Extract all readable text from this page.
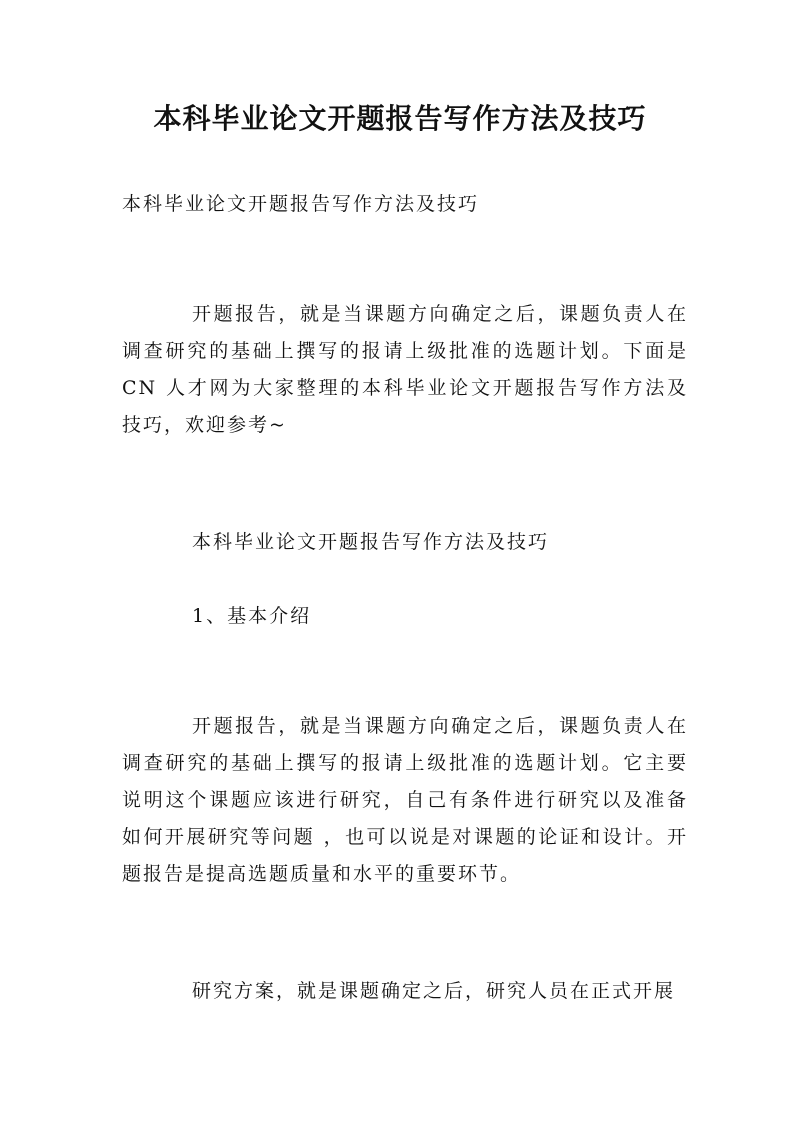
本科毕业论文开题报告写作方法及技巧

本科毕业论文开题报告写作方法及技巧

开题报告，就是当课题方向确定之后，课题负责人在调查研究的基础上撰写的报请上级批准的选题计划。下面是CN 人才网为大家整理的本科毕业论文开题报告写作方法及技巧，欢迎参考~

本科毕业论文开题报告写作方法及技巧

1、基本介绍

开题报告，就是当课题方向确定之后，课题负责人在调查研究的基础上撰写的报请上级批准的选题计划。它主要说明这个课题应该进行研究，自己有条件进行研究以及准备如何开展研究等问题 ，也可以说是对课题的论证和设计。开题报告是提高选题质量和水平的重要环节。

研究方案，就是课题确定之后，研究人员在正式开展
